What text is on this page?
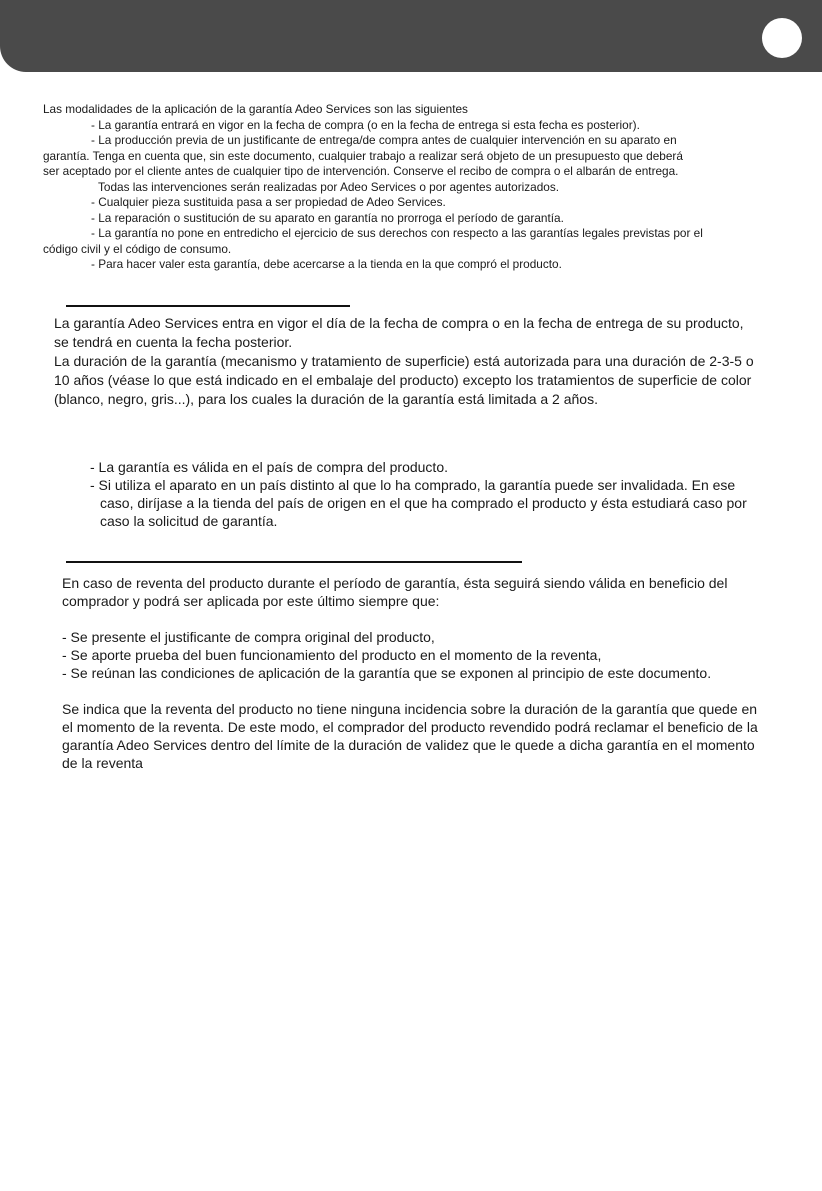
Las modalidades de la aplicación de la garantía Adeo Services son las siguientes

- La garantía entrará en vigor en la fecha de compra (o en la fecha de entrega si esta fecha es posterior).

- La producción previa de un justificante de entrega/de compra antes de cualquier intervención en su aparato en

garantía. Tenga en cuenta que, sin este documento, cualquier trabajo a realizar será objeto de un presupuesto que deberá

ser aceptado por el cliente antes de cualquier tipo de intervención. Conserve el recibo de compra o el albarán de entrega.

Todas las intervenciones serán realizadas por Adeo Services o por agentes autorizados.

- Cualquier pieza sustituida pasa a ser propiedad de Adeo Services.

- La reparación o sustitución de su aparato en garantía no prorroga el período de garantía.

- La garantía no pone en entredicho el ejercicio de sus derechos con respecto a las garantías legales previstas por el

código civil y el código de consumo.

- Para hacer valer esta garantía, debe acercarse a la tienda en la que compró el producto.

La garantía Adeo Services entra en vigor el día de la fecha de compra o en la fecha de entrega de su producto,

se tendrá en cuenta la fecha posterior.

La duración de la garantía (mecanismo y tratamiento de superficie) está autorizada para una duración de 2-3-5 o

10 años (véase lo que está indicado en el embalaje del producto) excepto los tratamientos de superficie de color

(blanco, negro, gris...), para los cuales la duración de la garantía está limitada a 2 años.

- La garantía es válida en el país de compra del producto.

- Si utiliza el aparato en un país distinto al que lo ha comprado, la garantía puede ser invalidada. En ese

caso, diríjase a la tienda del país de origen en el que ha comprado el producto y ésta estudiará caso por

caso la solicitud de garantía.

En caso de reventa del producto durante el período de garantía, ésta seguirá siendo válida en beneficio del

comprador y podrá ser aplicada por este último siempre que:

- Se presente el justificante de compra original del producto,

- Se aporte prueba del buen funcionamiento del producto en el momento de la reventa,

- Se reúnan las condiciones de aplicación de la garantía que se exponen al principio de este documento.

Se indica que la reventa del producto no tiene ninguna incidencia sobre la duración de la garantía que quede en

el momento de la reventa. De este modo, el comprador del producto revendido podrá reclamar el beneficio de la

garantía Adeo Services dentro del límite de la duración de validez que le quede a dicha garantía en el momento

de la reventa
